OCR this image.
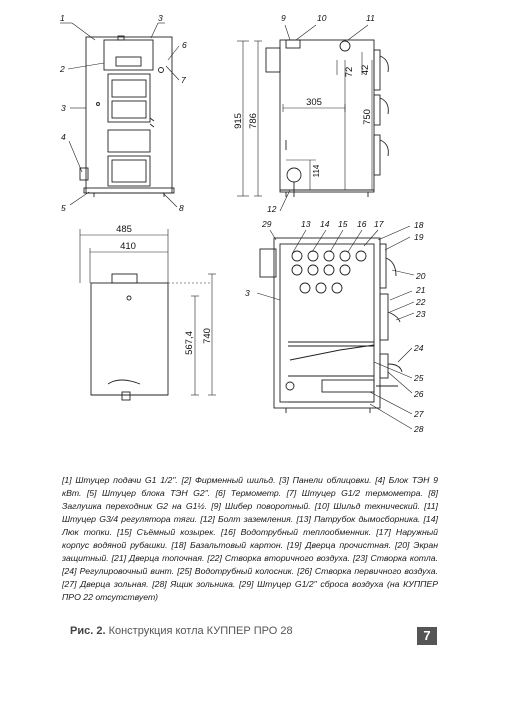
915 786
305
750
72 42
114
485
410
567,4 740
1
2
3
4
5
3
6
7
8
9	10	11
12
29	13 14 15 16 17	18
19
20
3	21
22
23
24
25
26
27
28
[1] Штуцер подачи G1 1/2". [2] Фирменный шильд. [3] Панели облицовки. [4] Блок ТЭН 9 кВт. [5] Штуцер блока ТЭН G2". [6] Термометр. [7] Штуцер G1/2 термометра. [8] Заглушка переходник G2 на G1½. [9] Шибер поворотный. [10] Шильд технический. [11] Штуцер G3/4 регулятора тяги. [12] Болт заземления. [13] Патрубок дымосборника. [14] Люк топки. [15] Съёмный козырек. [16] Водотрубный теплообменник. [17] Наружный корпус водяной рубашки. [18] Базальтовый картон. [19] Дверца прочистная. [20] Экран защитный. [21] Дверца топочная. [22] Створка вторичного воздуха. [23] Створка котла. [24] Регулировочный винт. [25] Водотрубный колосник. [26] Створка первичного воздуха. [27] Дверца зольная. [28] Ящик зольника. [29] Штуцер G1/2" сброса воздуха (на КУППЕР ПРО 22 отсутствует)
Рис. 2. Конструкция котла КУППЕР ПРО 28	7
